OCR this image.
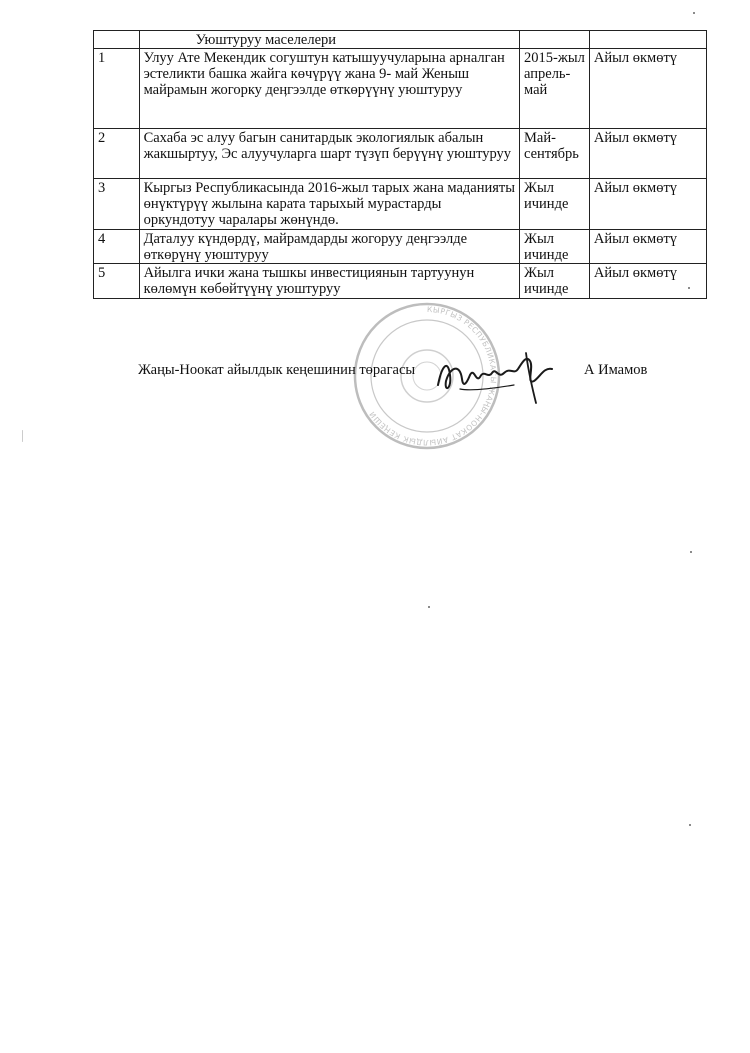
	Уюштуруу маселелери		
1	Улуу Ате Мекендик согуштун катышуучуларына арналган эстеликти башка жайга көчүрүү жана 9- май Женыш майрамын жогорку деӊгээлде өткөрүүнү уюштуруу	2015-жыл апрель-май	Айыл өкмөтү
2	Сахаба эс алуу багын санитардык экологиялык абалын жакшыртуу, Эс алуучуларга шарт түзүп берүүнү уюштуруу	Май-сентябрь	Айыл өкмөтү
3	Кыргыз Республикасында 2016-жыл тарых жана маданияты өнүктүрүү жылына карата тарыхый мурастарды оркундотуу чаралары жөнүндө.	Жыл ичинде	Айыл өкмөтү
4	Даталуу күндөрдү, майрамдарды жогоруу деӊгээлде өткөрүнү уюштуруу	Жыл ичинде	Айыл өкмөтү
5	Айылга ички жана тышкы инвестициянын тартуунун көлөмүн көбөйтүүнү уюштуруу	Жыл ичинде	Айыл өкмөтү
КЫРГЫЗ РЕСПУБЛИКАСЫ ЖАҢЫ-НООКАТ АЙЫЛДЫК КЕҢЕШИ
Жаңы-Ноокат айылдык кеңешинин төрагасы	А Имамов
